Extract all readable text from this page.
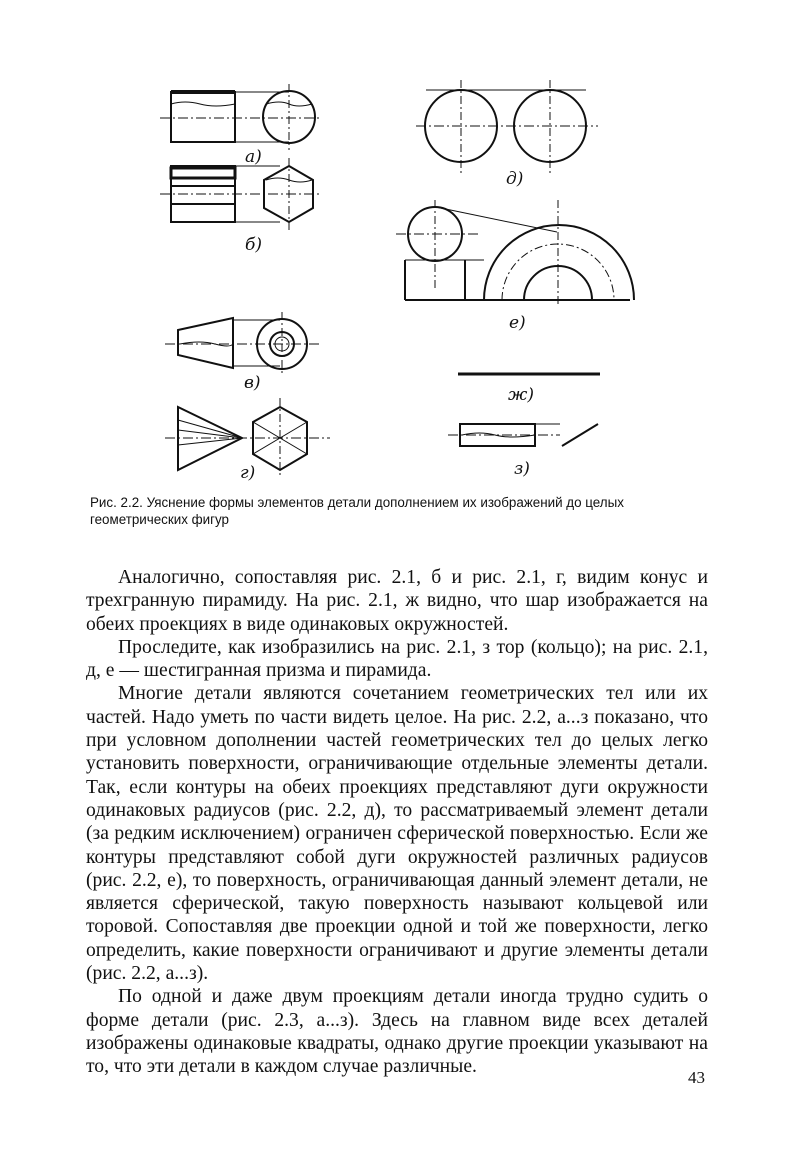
а)
б)
в)
г)
д)
е)
ж)
з)
Рис. 2.2. Уяснение формы элементов детали дополнением их изображений до целых геометрических фигур

Аналогично, сопоставляя рис. 2.1, б и рис. 2.1, г, видим конус и трехгранную пирамиду. На рис. 2.1, ж видно, что шар изображается на обеих проекциях в виде одинаковых окружностей.

Проследите, как изобразились на рис. 2.1, з тор (кольцо); на рис. 2.1, д, е — шестигранная призма и пирамида.

Многие детали являются сочетанием геометрических тел или их частей. Надо уметь по части видеть целое. На рис. 2.2, а...з показано, что при условном дополнении частей геометрических тел до целых легко установить поверхности, ограничивающие отдельные элементы детали. Так, если контуры на обеих проекциях представляют дуги окружности одинаковых радиусов (рис. 2.2, д), то рассматриваемый элемент детали (за редким исключением) ограничен сферической поверхностью. Если же контуры представляют собой дуги окружностей различных радиусов (рис. 2.2, е), то поверхность, ограничивающая данный элемент детали, не является сферической, такую поверхность называют кольцевой или торовой. Сопоставляя две проекции одной и той же поверхности, легко определить, какие поверхности ограничивают и другие элементы детали (рис. 2.2, а...з).

По одной и даже двум проекциям детали иногда трудно судить о форме детали (рис. 2.3, а...з). Здесь на главном виде всех деталей изображены одинаковые квадраты, однако другие проекции указывают на то, что эти детали в каждом случае различные.

43
